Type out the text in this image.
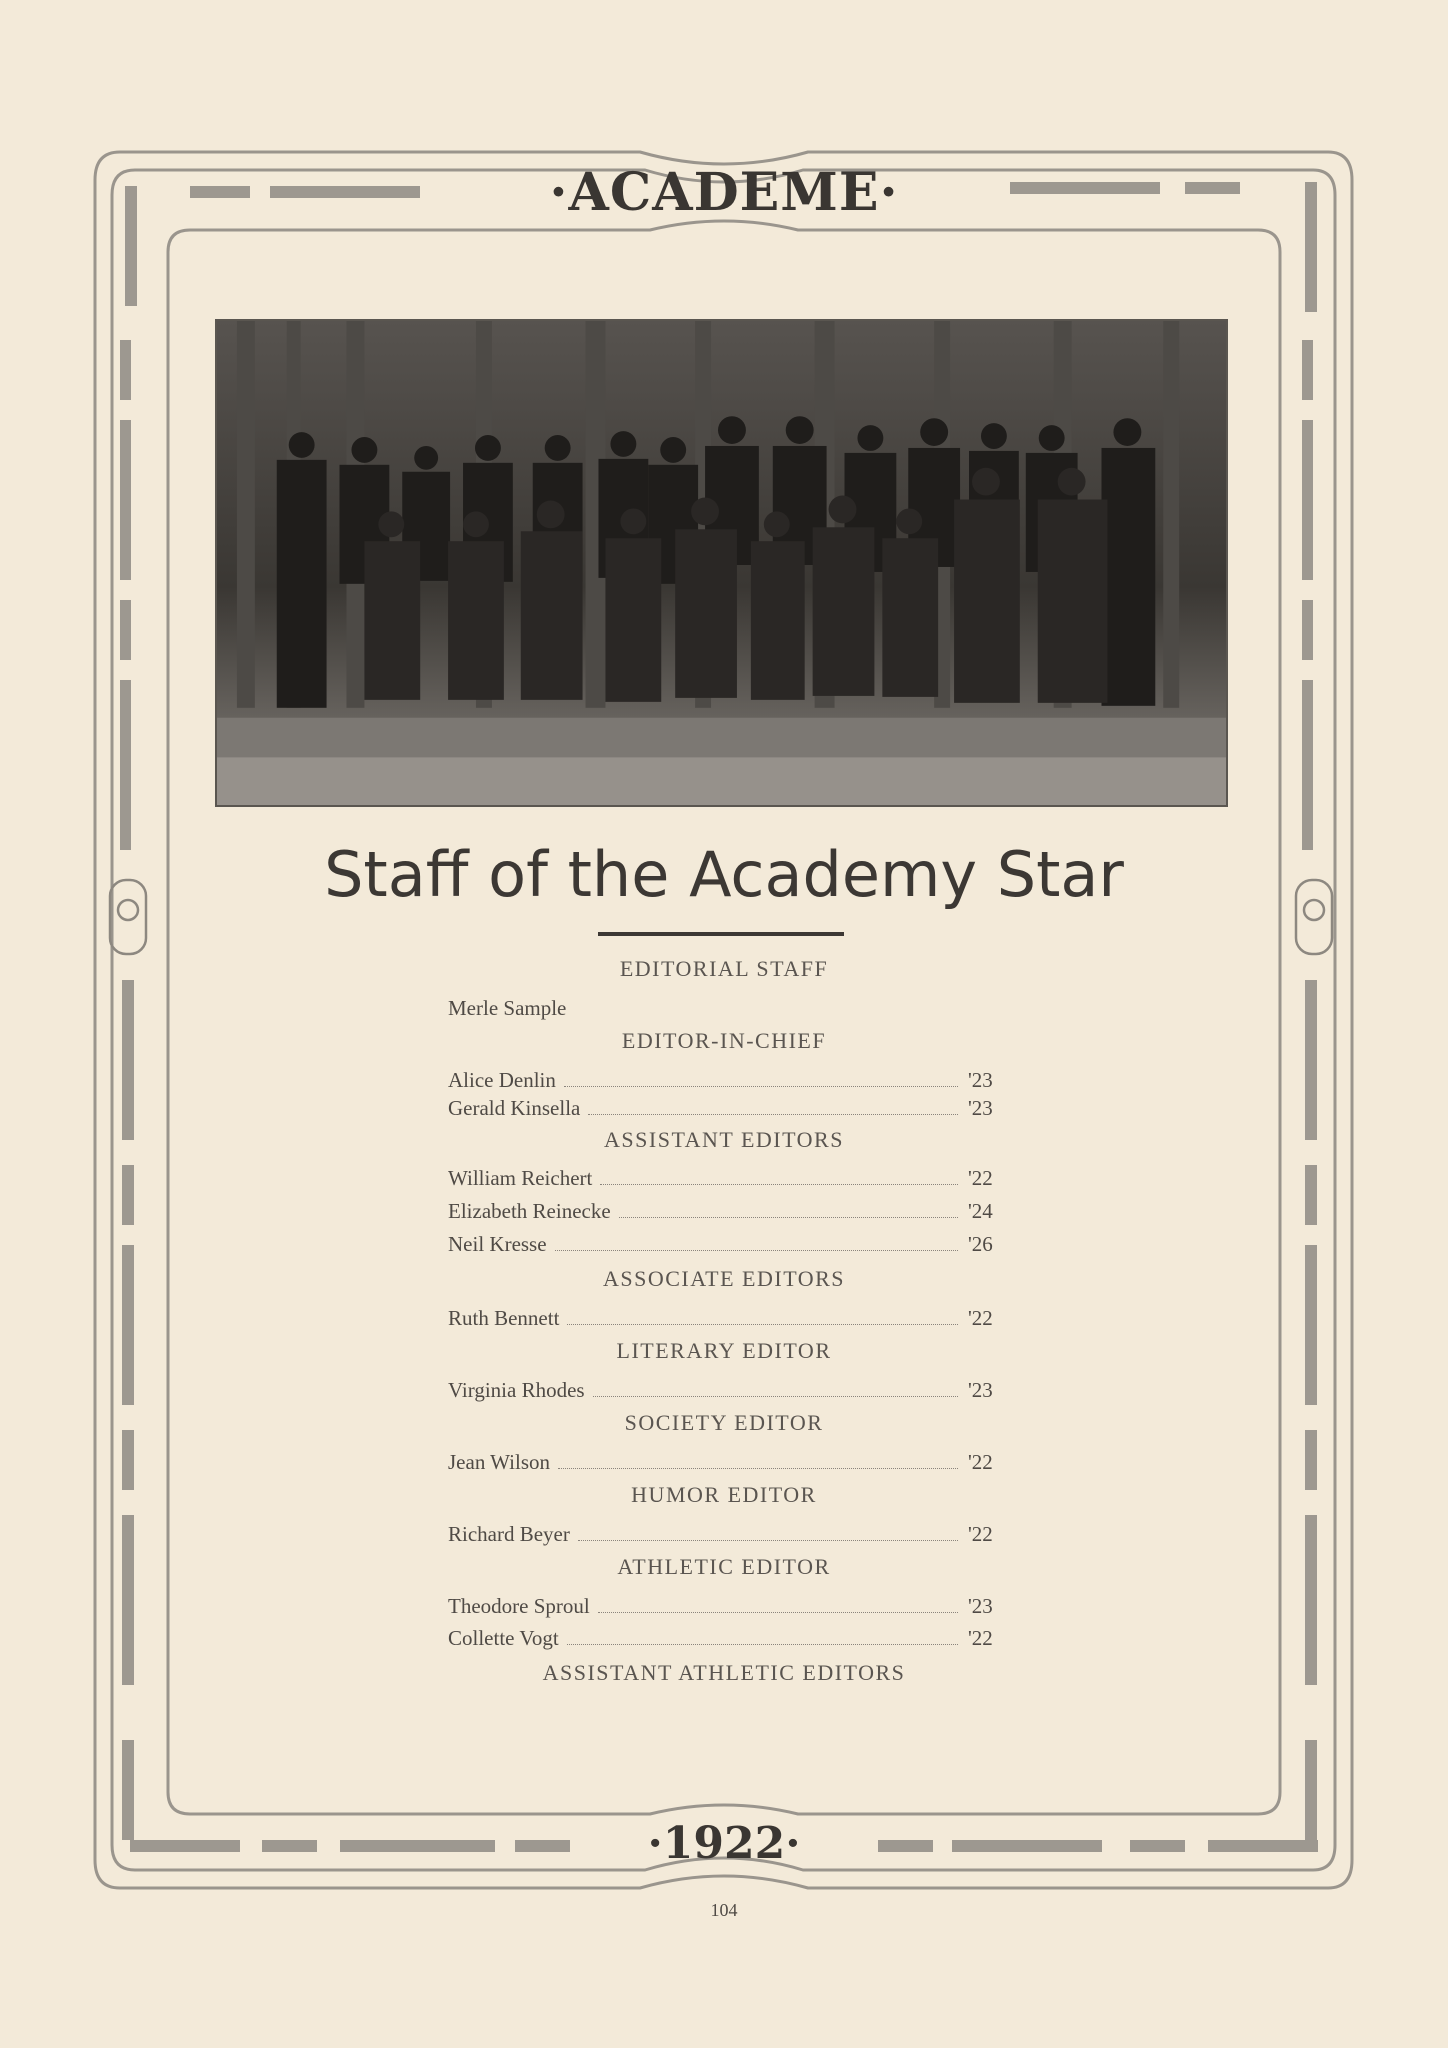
·ACADEME·
Staff of the Academy Star
EDITORIAL STAFF
Merle Sample
EDITOR-IN-CHIEF
Alice Denlin	'23
Gerald Kinsella	'23
ASSISTANT EDITORS
William Reichert	'22
Elizabeth Reinecke	'24
Neil Kresse	'26
ASSOCIATE EDITORS
Ruth Bennett	'22
LITERARY EDITOR
Virginia Rhodes	'23
SOCIETY EDITOR
Jean Wilson	'22
HUMOR EDITOR
Richard Beyer	'22
ATHLETIC EDITOR
Theodore Sproul	'23
Collette Vogt	'22
ASSISTANT ATHLETIC EDITORS
·1922·
104
